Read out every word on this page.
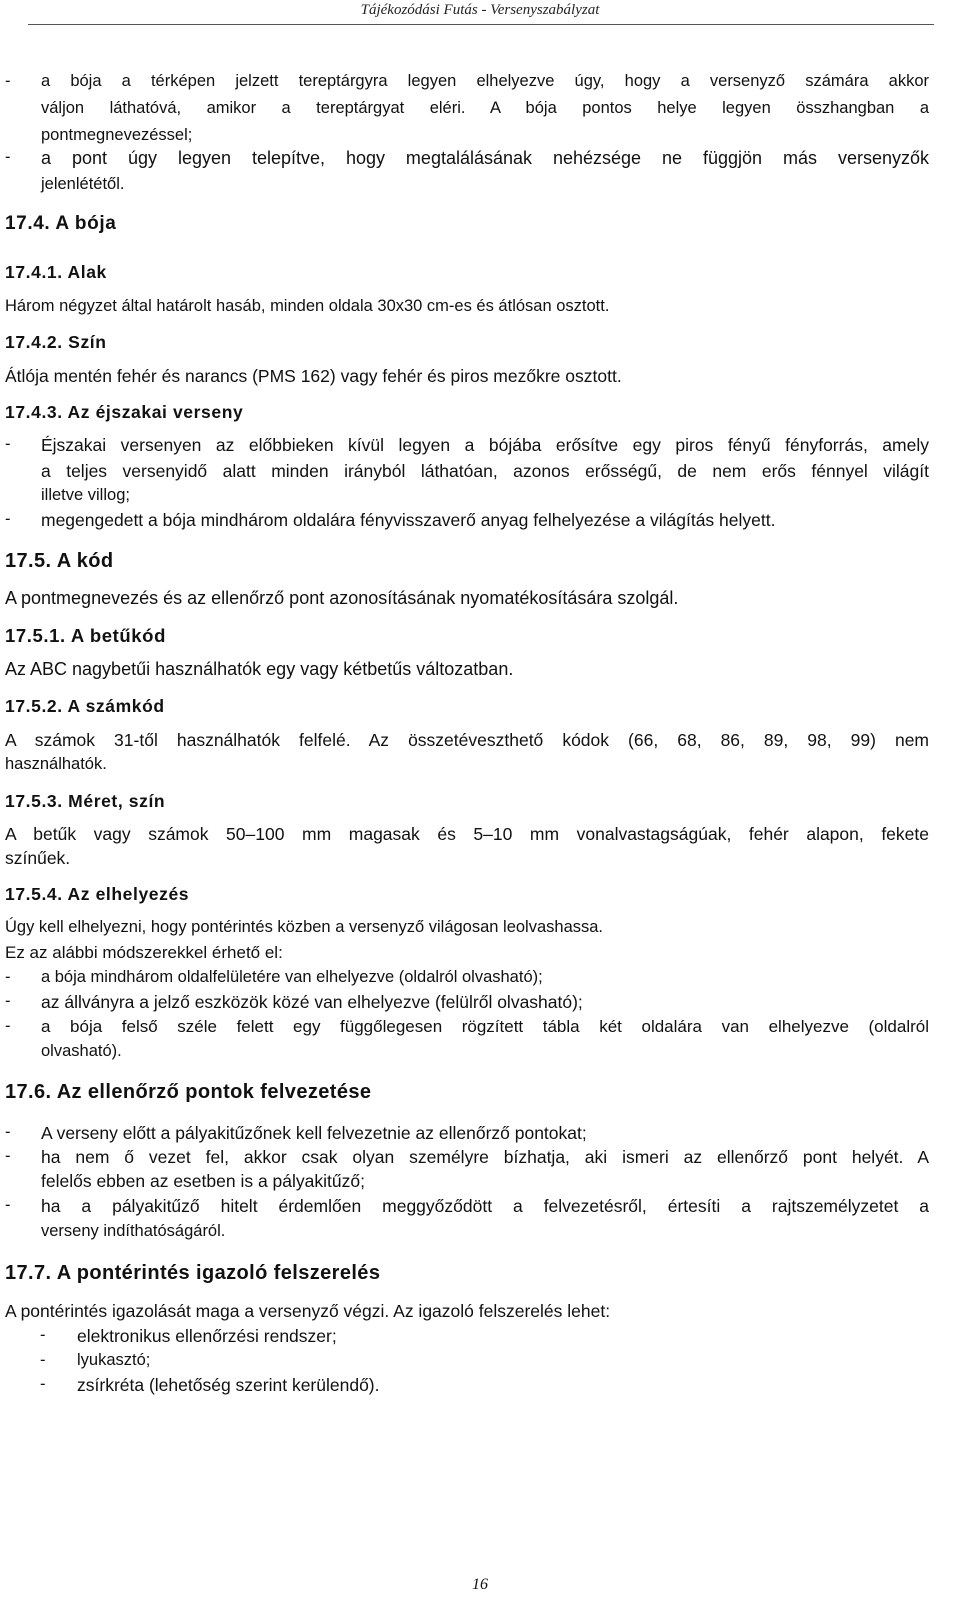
Tájékozódási Futás - Versenyszabályzat
- a bója a térképen jelzett tereptárgyra legyen elhelyezve úgy, hogy a versenyző számára akkor
váljon láthatóvá, amikor a tereptárgyat eléri. A bója pontos helye legyen összhangban a
pontmegnevezéssel;
- a pont úgy legyen telepítve, hogy megtalálásának nehézsége ne függjön más versenyzők
jelenlététől.
17.4. A bója
17.4.1. Alak
Három négyzet által határolt hasáb, minden oldala 30x30 cm-es és átlósan osztott.
17.4.2. Szín
Átlója mentén fehér és narancs (PMS 162) vagy fehér és piros mezőkre osztott.
17.4.3. Az éjszakai verseny
- Éjszakai versenyen az előbbieken kívül legyen a bójába erősítve egy piros fényű fényforrás, amely
a teljes versenyidő alatt minden irányból láthatóan, azonos erősségű, de nem erős fénnyel világít
illetve villog;
- megengedett a bója mindhárom oldalára fényvisszaverő anyag felhelyezése a világítás helyett.
17.5. A kód
A pontmegnevezés és az ellenőrző pont azonosításának nyomatékosítására szolgál.
17.5.1. A betűkód
Az ABC nagybetűi használhatók egy vagy kétbetűs változatban.
17.5.2. A számkód
A számok 31-től használhatók felfelé. Az összetéveszthető kódok (66, 68, 86, 89, 98, 99) nem
használhatók.
17.5.3. Méret, szín
A betűk vagy számok 50–100 mm magasak és 5–10 mm vonalvastagságúak, fehér alapon, fekete
színűek.
17.5.4. Az elhelyezés
Úgy kell elhelyezni, hogy pontérintés közben a versenyző világosan leolvashassa.
Ez az alábbi módszerekkel érhető el:
- a bója mindhárom oldalfelületére van elhelyezve (oldalról olvasható);
- az állványra a jelző eszközök közé van elhelyezve (felülről olvasható);
- a bója felső széle felett egy függőlegesen rögzített tábla két oldalára van elhelyezve (oldalról
olvasható).
17.6. Az ellenőrző pontok felvezetése
- A verseny előtt a pályakitűzőnek kell felvezetnie az ellenőrző pontokat;
- ha nem ő vezet fel, akkor csak olyan személyre bízhatja, aki ismeri az ellenőrző pont helyét. A
felelős ebben az esetben is a pályakitűző;
- ha a pályakitűző hitelt érdemlően meggyőződött a felvezetésről, értesíti a rajtszemélyzetet a
verseny indíthatóságáról.
17.7. A pontérintés igazoló felszerelés
A pontérintés igazolását maga a versenyző végzi. Az igazoló felszerelés lehet:
- elektronikus ellenőrzési rendszer;
- lyukasztó;
- zsírkréta (lehetőség szerint kerülendő).
16
